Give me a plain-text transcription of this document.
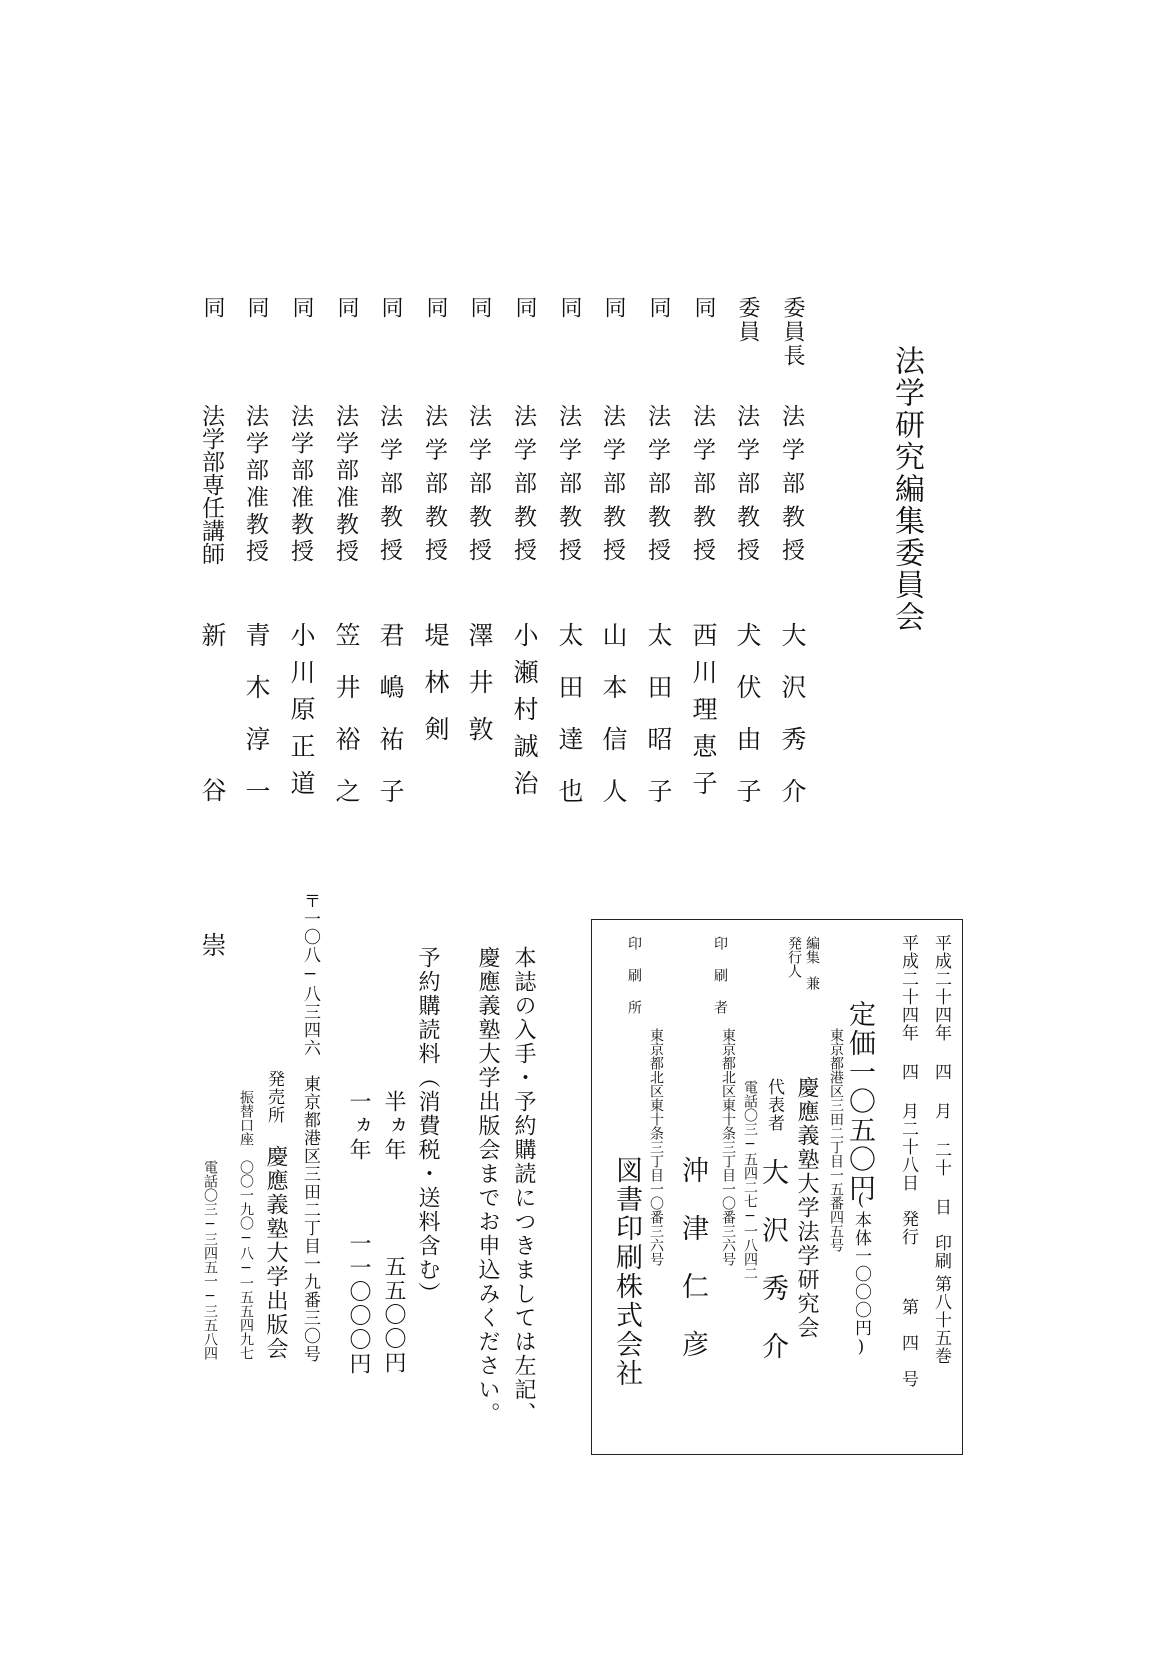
法学研究編集委員会
委員長
法学部教授
大沢秀介
委員
法学部教授
犬伏由子
同
法学部教授
西川理恵子
同
法学部教授
太田昭子
同
法学部教授
山本信人
同
法学部教授
太田達也
同
法学部教授
小瀬村誠治
同
法学部教授
澤井敦
同
法学部教授
堤林剣
同
法学部教授
君嶋祐子
同
法学部准教授
笠井裕之
同
法学部准教授
小川原正道
同
法学部准教授
青木淳一
同
法学部専任講師
新谷崇
平成二十四年 四 月 二十 日　印刷
第八十五巻
平成二十四年 四 月二十八日　発行
第　四　号
定価一〇五〇円
(本体一〇〇〇円)
東京都港区三田二丁目一五番四五号
慶應義塾大学法学研究会
編集
兼
発行人
代表者
大　沢　秀　介
電話〇三−五四二七−一八四二
印刷者
東京都北区東十条三丁目一〇番三六号
沖　津　仁　彦
印刷所
東京都北区東十条三丁目一〇番三六号
図書印刷株式会社
本誌の入手・予約購読につきましては左記、
慶應義塾大学出版会までお申込みください。
予約購読料（消費税・送料含む）
半ヵ年
五五〇〇円
一ヵ年
一一〇〇〇円
〒一〇八−八三四六　東京都港区三田二丁目一九番三〇号
発売所
慶應義塾大学出版会
振替口座　〇〇一九〇−八−一五五四九七
電話〇三−三四五一−三五八四
